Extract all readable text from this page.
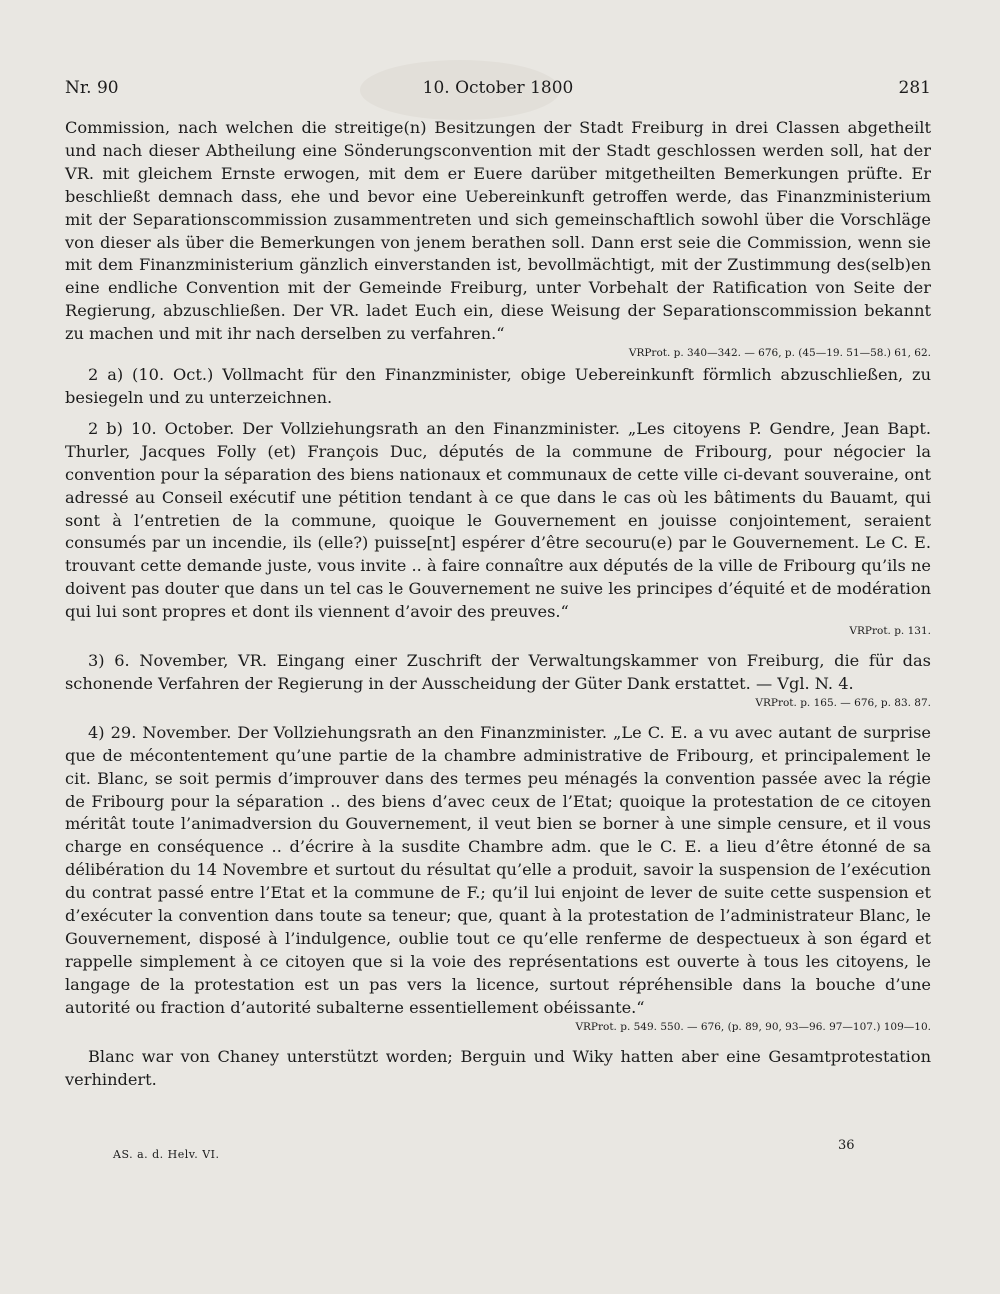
Nr. 90	10. October 1800	281

Commission, nach welchen die streitige(n) Besitzungen der Stadt Freiburg in drei Classen abgetheilt und nach dieser Abtheilung eine Sönderungsconvention mit der Stadt geschlossen werden soll, hat der VR. mit gleichem Ernste erwogen, mit dem er Euere darüber mitgetheilten Bemerkungen prüfte. Er beschließt demnach dass, ehe und bevor eine Uebereinkunft getroffen werde, das Finanzministerium mit der Separationscommission zusammentreten und sich gemeinschaftlich sowohl über die Vorschläge von dieser als über die Bemerkungen von jenem berathen soll. Dann erst seie die Commission, wenn sie mit dem Finanzministerium gänzlich einverstanden ist, bevollmächtigt, mit der Zustimmung des(selb)en eine endliche Convention mit der Gemeinde Freiburg, unter Vorbehalt der Ratification von Seite der Regierung, abzuschließen. Der VR. ladet Euch ein, diese Weisung der Separationscommission bekannt zu machen und mit ihr nach derselben zu verfahren.“

VRProt. p. 340—342. — 676, p. (45—19. 51—58.) 61, 62.

2 a) (10. Oct.) Vollmacht für den Finanzminister, obige Uebereinkunft förmlich abzuschließen, zu besiegeln und zu unterzeichnen.

2 b) 10. October. Der Vollziehungsrath an den Finanzminister. „Les citoyens P. Gendre, Jean Bapt. Thurler, Jacques Folly (et) François Duc, députés de la commune de Fribourg, pour négocier la convention pour la séparation des biens nationaux et communaux de cette ville ci-devant souveraine, ont adressé au Conseil exécutif une pétition tendant à ce que dans le cas où les bâtiments du Bauamt, qui sont à l’entretien de la commune, quoique le Gouvernement en jouisse conjointement, seraient consumés par un incendie, ils (elle?) puisse[nt] espérer d’être secouru(e) par le Gouvernement. Le C. E. trouvant cette demande juste, vous invite .. à faire connaître aux députés de la ville de Fribourg qu’ils ne doivent pas douter que dans un tel cas le Gouvernement ne suive les principes d’équité et de modération qui lui sont propres et dont ils viennent d’avoir des preuves.“

VRProt. p. 131.

3) 6. November, VR. Eingang einer Zuschrift der Verwaltungskammer von Freiburg, die für das schonende Verfahren der Regierung in der Ausscheidung der Güter Dank erstattet. — Vgl. N. 4.

VRProt. p. 165. — 676, p. 83. 87.

4) 29. November. Der Vollziehungsrath an den Finanzminister. „Le C. E. a vu avec autant de surprise que de mécontentement qu’une partie de la chambre administrative de Fribourg, et principalement le cit. Blanc, se soit permis d’improuver dans des termes peu ménagés la convention passée avec la régie de Fribourg pour la séparation .. des biens d’avec ceux de l’Etat; quoique la protestation de ce citoyen méritât toute l’animadversion du Gouvernement, il veut bien se borner à une simple censure, et il vous charge en conséquence .. d’écrire à la susdite Chambre adm. que le C. E. a lieu d’être étonné de sa délibération du 14 Novembre et surtout du résultat qu’elle a produit, savoir la suspension de l’exécution du contrat passé entre l’Etat et la commune de F.; qu’il lui enjoint de lever de suite cette suspension et d’exécuter la convention dans toute sa teneur; que, quant à la protestation de l’administrateur Blanc, le Gouvernement, disposé à l’indulgence, oublie tout ce qu’elle renferme de despectueux à son égard et rappelle simplement à ce citoyen que si la voie des représentations est ouverte à tous les citoyens, le langage de la protestation est un pas vers la licence, surtout répréhensible dans la bouche d’une autorité ou fraction d’autorité subalterne essentiellement obéissante.“

VRProt. p. 549. 550. — 676, (p. 89, 90, 93—96. 97—107.) 109—10.

Blanc war von Chaney unterstützt worden; Berguin und Wiky hatten aber eine Gesamtprotestation verhindert.

AS. a. d. Helv. VI.
36
